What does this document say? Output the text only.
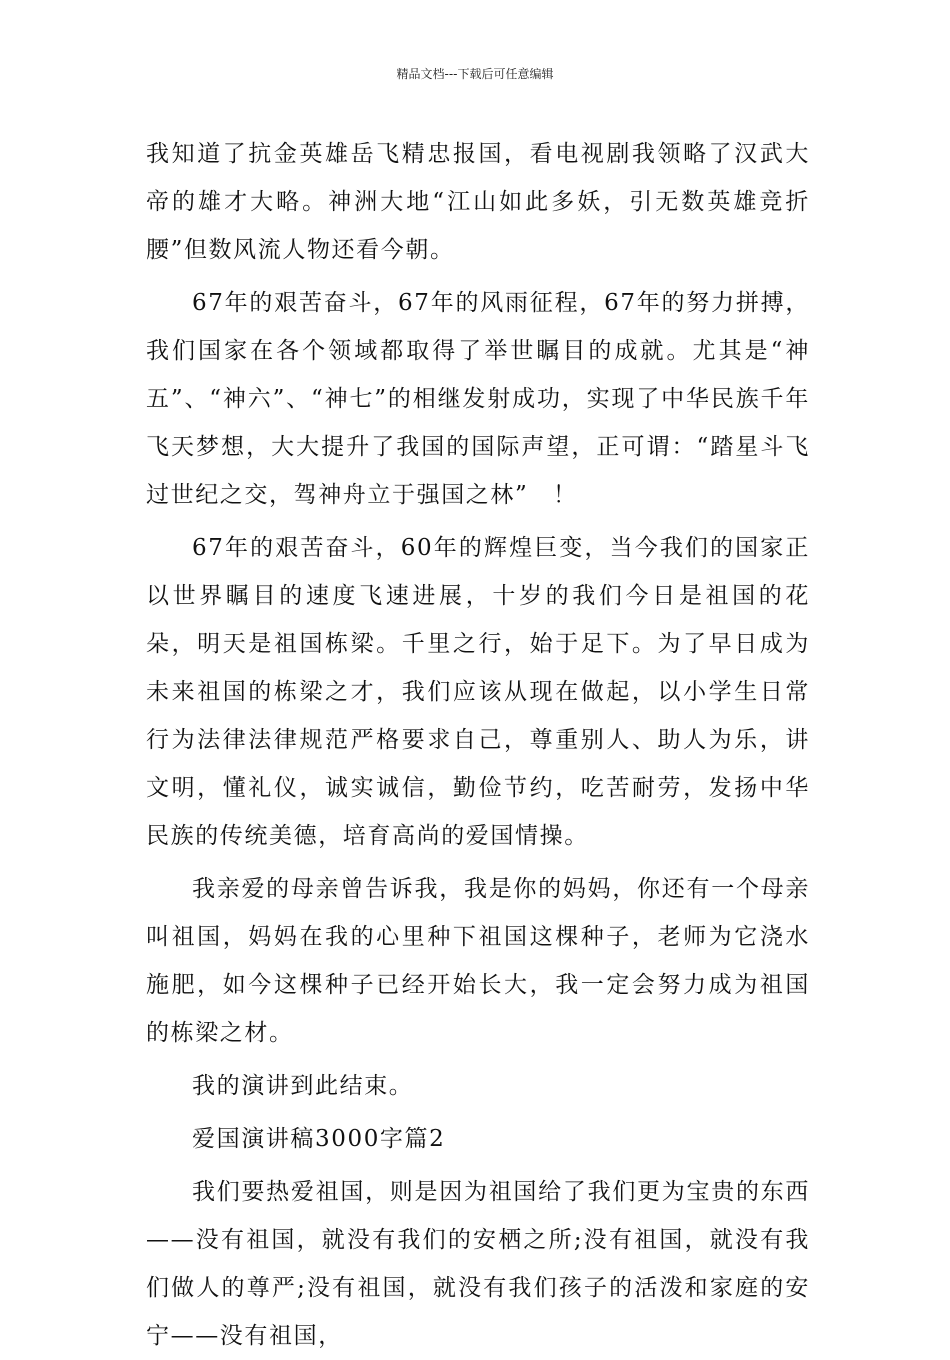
精品文档---下载后可任意编辑

我知道了抗金英雄岳飞精忠报国，看电视剧我领略了汉武大帝的雄才大略。神洲大地“江山如此多妖，引无数英雄竞折腰”但数风流人物还看今朝。

67年的艰苦奋斗，67年的风雨征程，67年的努力拼搏，我们国家在各个领域都取得了举世瞩目的成就。尤其是“神五”、“神六”、“神七”的相继发射成功，实现了中华民族千年飞天梦想，大大提升了我国的国际声望，正可谓：“踏星斗飞过世纪之交，驾神舟立于强国之林”　！

67年的艰苦奋斗，60年的辉煌巨变，当今我们的国家正以世界瞩目的速度飞速进展，十岁的我们今日是祖国的花朵，明天是祖国栋梁。千里之行，始于足下。为了早日成为未来祖国的栋梁之才，我们应该从现在做起，以小学生日常行为法律法律规范严格要求自己，尊重别人、助人为乐，讲文明，懂礼仪，诚实诚信，勤俭节约，吃苦耐劳，发扬中华民族的传统美德，培育高尚的爱国情操。

我亲爱的母亲曾告诉我，我是你的妈妈，你还有一个母亲叫祖国，妈妈在我的心里种下祖国这棵种子，老师为它浇水施肥，如今这棵种子已经开始长大，我一定会努力成为祖国的栋梁之材。

我的演讲到此结束。

爱国演讲稿3000字篇2

我们要热爱祖国，则是因为祖国给了我们更为宝贵的东西——没有祖国，就没有我们的安栖之所;没有祖国，就没有我们做人的尊严;没有祖国，就没有我们孩子的活泼和家庭的安宁——没有祖国，
